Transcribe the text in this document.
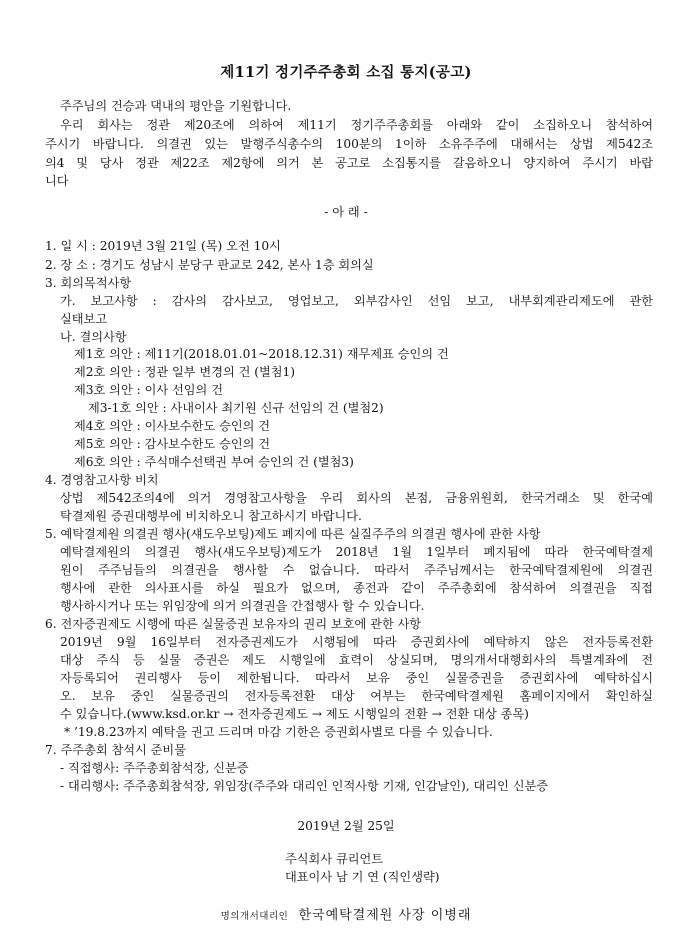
제11기 정기주주총회 소집 통지(공고)

주주님의 건승과 댁내의 평안을 기원합니다.

우리 회사는 정관 제20조에 의하여 제11기 정기주주총회를 아래와 같이 소집하오니 참석하여

주시기 바랍니다. 의결권 있는 발행주식총수의 100분의 1이하 소유주주에 대해서는 상법 제542조

의4 및 당사 정관 제22조 제2항에 의거 본 공고로 소집통지를 갈음하오니 양지하여 주시기 바랍

니다

- 아 래 -

1. 일 시 : 2019년 3월 21일 (목) 오전 10시

2. 장 소 : 경기도 성남시 분당구 판교로 242, 본사 1층 회의실

3. 회의목적사항

가. 보고사항 : 감사의 감사보고, 영업보고, 외부감사인 선임 보고, 내부회계관리제도에 관한

실태보고

나. 결의사항

제1호 의안 : 제11기(2018.01.01~2018.12.31) 재무제표 승인의 건

제2호 의안 : 정관 일부 변경의 건 (별첨1)

제3호 의안 : 이사 선임의 건

제3-1호 의안 : 사내이사 최기원 신규 선임의 건 (별첨2)

제4호 의안 : 이사보수한도 승인의 건

제5호 의안 : 감사보수한도 승인의 건

제6호 의안 : 주식매수선택권 부여 승인의 건 (별첨3)

4. 경영참고사항 비치

상법 제542조의4에 의거 경영참고사항을 우리 회사의 본점, 금융위원회, 한국거래소 및 한국예

탁결제원 증권대행부에 비치하오니 참고하시기 바랍니다.

5. 예탁결제원 의결권 행사(섀도우보팅)제도 폐지에 따른 실질주주의 의결권 행사에 관한 사항

예탁결제원의 의결권 행사(섀도우보팅)제도가 2018년 1월 1일부터 폐지됨에 따라 한국예탁결제

원이 주주님들의 의결권을 행사할 수 없습니다. 따라서 주주님께서는 한국예탁결제원에 의결권

행사에 관한 의사표시를 하실 필요가 없으며, 종전과 같이 주주총회에 참석하여 의결권을 직접

행사하시거나 또는 위임장에 의거 의결권을 간접행사 할 수 있습니다.

6. 전자증권제도 시행에 따른 실물증권 보유자의 권리 보호에 관한 사항

2019년 9월 16일부터 전자증권제도가 시행됨에 따라 증권회사에 예탁하지 않은 전자등록전환

대상 주식 등 실물 증권은 제도 시행일에 효력이 상실되며, 명의개서대행회사의 특별계좌에 전

자등록되어 권리행사 등이 제한됩니다. 따라서 보유 중인 실물증권을 증권회사에 예탁하십시

오. 보유 중인 실물증권의 전자등록전환 대상 여부는 한국예탁결제원 홈페이지에서 확인하실

수 있습니다.(www.ksd.or.kr → 전자증권제도 → 제도 시행일의 전환 → 전환 대상 종목)

* ’19.8.23까지 예탁을 권고 드리며 마감 기한은 증권회사별로 다를 수 있습니다.

7. 주주총회 참석시 준비물

- 직접행사: 주주총회참석장, 신분증

- 대리행사: 주주총회참석장, 위임장(주주와 대리인 인적사항 기재, 인감날인), 대리인 신분증

2019년 2월 25일

주식회사 큐리언트

대표이사 남 기 연 (직인생략)

명의개서대리인 한국예탁결제원 사장 이병래
